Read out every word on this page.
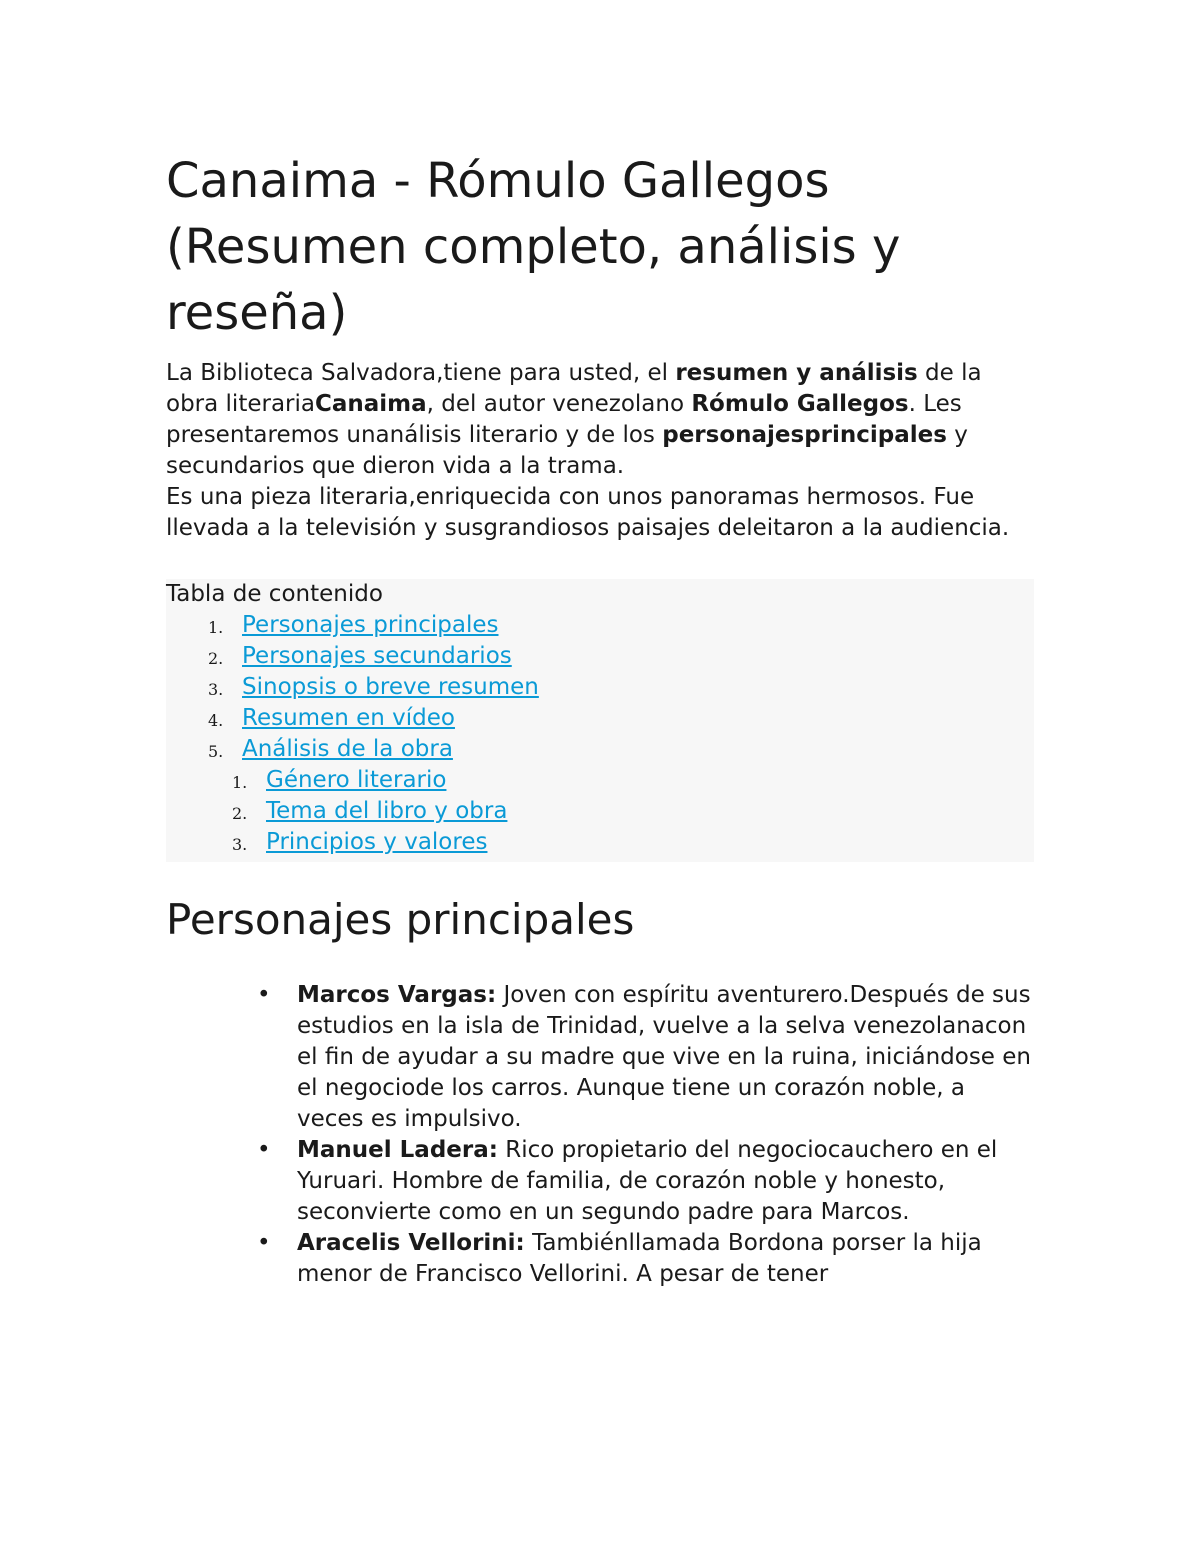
Canaima - Rómulo Gallegos (Resumen completo, análisis y reseña)

La Biblioteca Salvadora,tiene para usted, el resumen y análisis de la obra literariaCanaima, del autor venezolano Rómulo Gallegos. Les presentaremos unanálisis literario y de los personajesprincipales y secundarios que dieron vida a la trama.

Es una pieza literaria,enriquecida con unos panoramas hermosos. Fue llevada a la televisión y susgrandiosos paisajes deleitaron a la audiencia.

Tabla de contenido
1. Personajes principales
2. Personajes secundarios
3. Sinopsis o breve resumen
4. Resumen en vídeo
5. Análisis de la obra
1. Género literario
2. Tema del libro y obra
3. Principios y valores
Personajes principales
• Marcos Vargas: Joven con espíritu aventurero.Después de sus estudios en la isla de Trinidad, vuelve a la selva venezolanacon el fin de ayudar a su madre que vive en la ruina, iniciándose en el negociode los carros. Aunque tiene un corazón noble, a veces es impulsivo.
• Manuel Ladera: Rico propietario del negociocauchero en el Yuruari. Hombre de familia, de corazón noble y honesto, seconvierte como en un segundo padre para Marcos.
• Aracelis Vellorini: Tambiénllamada Bordona porser la hija menor de Francisco Vellorini. A pesar de tener
